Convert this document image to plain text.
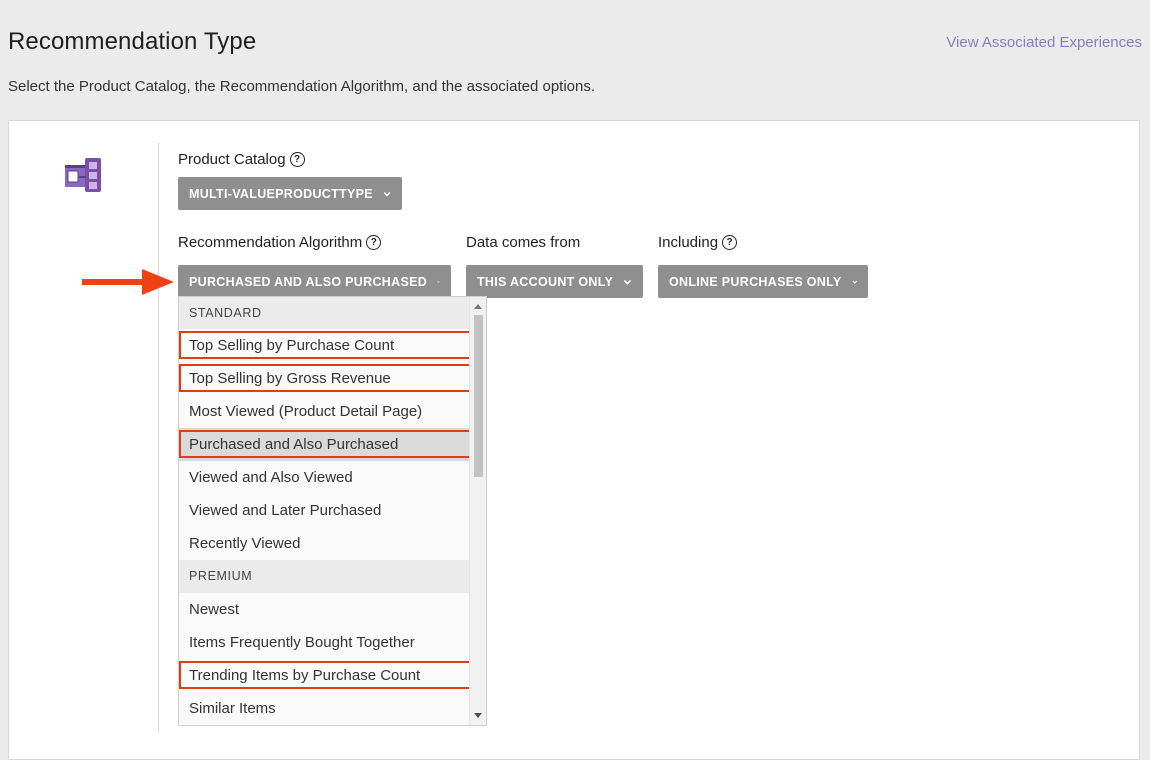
Recommendation Type	View Associated Experiences

Select the Product Catalog, the Recommendation Algorithm, and the associated options.

Product Catalog ?
MULTI-VALUEPRODUCTTYPE
Recommendation Algorithm ?	Data comes from	Including ?
PURCHASED AND ALSO PURCHASED	THIS ACCOUNT ONLY	ONLINE PURCHASES ONLY
STANDARD
Top Selling by Purchase Count
Top Selling by Gross Revenue
Most Viewed (Product Detail Page)
Purchased and Also Purchased
Viewed and Also Viewed
Viewed and Later Purchased
Recently Viewed
PREMIUM
Newest
Items Frequently Bought Together
Trending Items by Purchase Count
Similar Items
